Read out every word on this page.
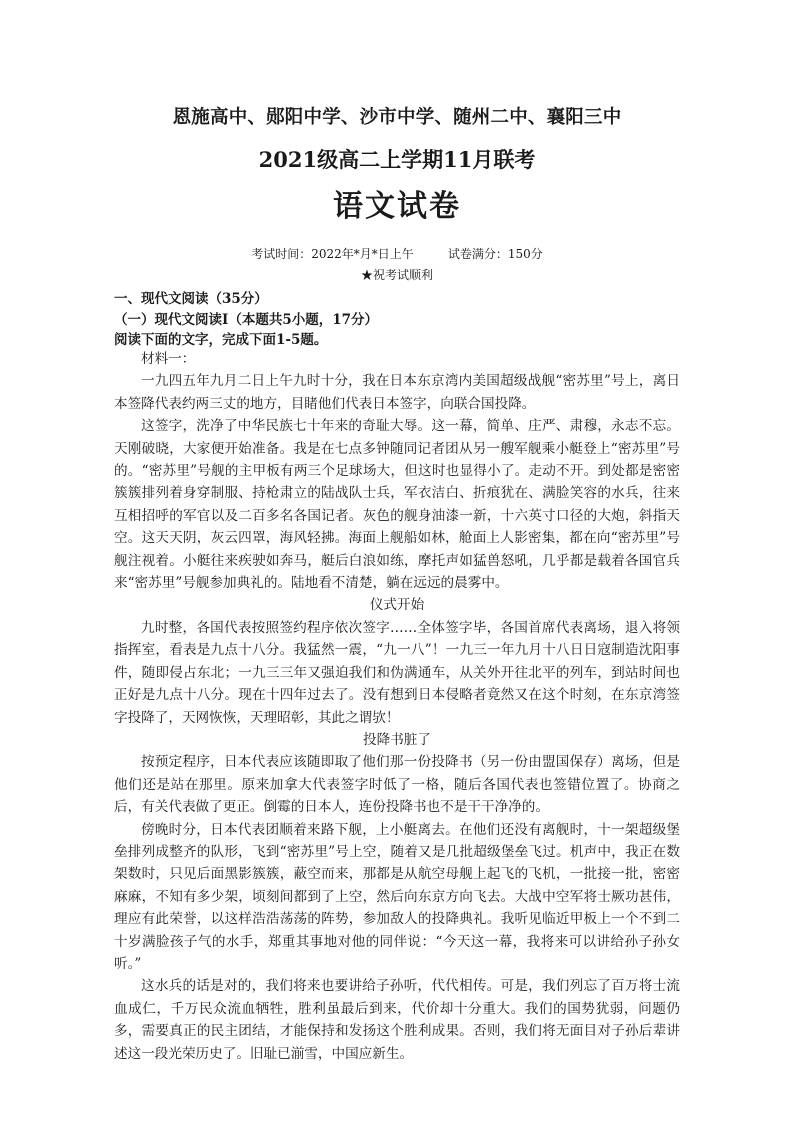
恩施高中、郧阳中学、沙市中学、随州二中、襄阳三中
2021级高二上学期11月联考
语文试卷
考试时间：2022年*月*日上午	试卷满分：150分
★祝考试顺利
一、现代文阅读（35分）
（一）现代文阅读Ⅰ（本题共5小题，17分）
阅读下面的文字，完成下面1-5题。

材料一：

一九四五年九月二日上午九时十分，我在日本东京湾内美国超级战舰“密苏里”号上，离日本签降代表约两三丈的地方，目睹他们代表日本签字，向联合国投降。

这签字，洗净了中华民族七十年来的奇耻大辱。这一幕，简单、庄严、肃穆，永志不忘。天刚破晓，大家便开始准备。我是在七点多钟随同记者团从另一艘军舰乘小艇登上“密苏里”号的。“密苏里”号舰的主甲板有两三个足球场大，但这时也显得小了。走动不开。到处都是密密簇簇排列着身穿制服、持枪肃立的陆战队士兵，军衣洁白、折痕犹在、满脸笑容的水兵，往来互相招呼的军官以及二百多名各国记者。灰色的舰身油漆一新，十六英寸口径的大炮，斜指天空。这天天阴，灰云四罩，海风轻拂。海面上舰船如林，舱面上人影密集，都在向“密苏里”号舰注视着。小艇往来疾驶如奔马，艇后白浪如练，摩托声如猛兽怒吼，几乎都是载着各国官兵来“密苏里”号舰参加典礼的。陆地看不清楚，躺在远远的晨雾中。

仪式开始

九时整，各国代表按照签约程序依次签字……全体签字毕，各国首席代表离场，退入将领指挥室，看表是九点十八分。我猛然一震，“九一八”！一九三一年九月十八日日寇制造沈阳事件，随即侵占东北；一九三三年又强迫我们和伪满通车，从关外开往北平的列车，到站时间也正好是九点十八分。现在十四年过去了。没有想到日本侵略者竟然又在这个时刻，在东京湾签字投降了，天网恢恢，天理昭彰，其此之谓欤！

投降书脏了

按预定程序，日本代表应该随即取了他们那一份投降书（另一份由盟国保存）离场，但是他们还是站在那里。原来加拿大代表签字时低了一格，随后各国代表也签错位置了。协商之后，有关代表做了更正。倒霉的日本人，连份投降书也不是干干净净的。

傍晚时分，日本代表团顺着来路下舰，上小艇离去。在他们还没有离舰时，十一架超级堡垒排列成整齐的队形，飞到“密苏里”号上空，随着又是几批超级堡垒飞过。机声中，我正在数架数时，只见后面黑影簇簇，蔽空而来，那都是从航空母舰上起飞的飞机，一批接一批，密密麻麻，不知有多少架，顷刻间都到了上空，然后向东京方向飞去。大战中空军将士厥功甚伟，理应有此荣誉，以这样浩浩荡荡的阵势，参加敌人的投降典礼。我听见临近甲板上一个不到二十岁满脸孩子气的水手，郑重其事地对他的同伴说：“今天这一幕，我将来可以讲给孙子孙女听。”

这水兵的话是对的，我们将来也要讲给子孙听，代代相传。可是，我们列忘了百万将士流血成仁，千万民众流血牺牲，胜利虽最后到来，代价却十分重大。我们的国势犹弱，问题仍多，需要真正的民主团结，才能保持和发扬这个胜利成果。否则，我们将无面目对子孙后辈讲述这一段光荣历史了。旧耻已湔雪，中国应新生。
